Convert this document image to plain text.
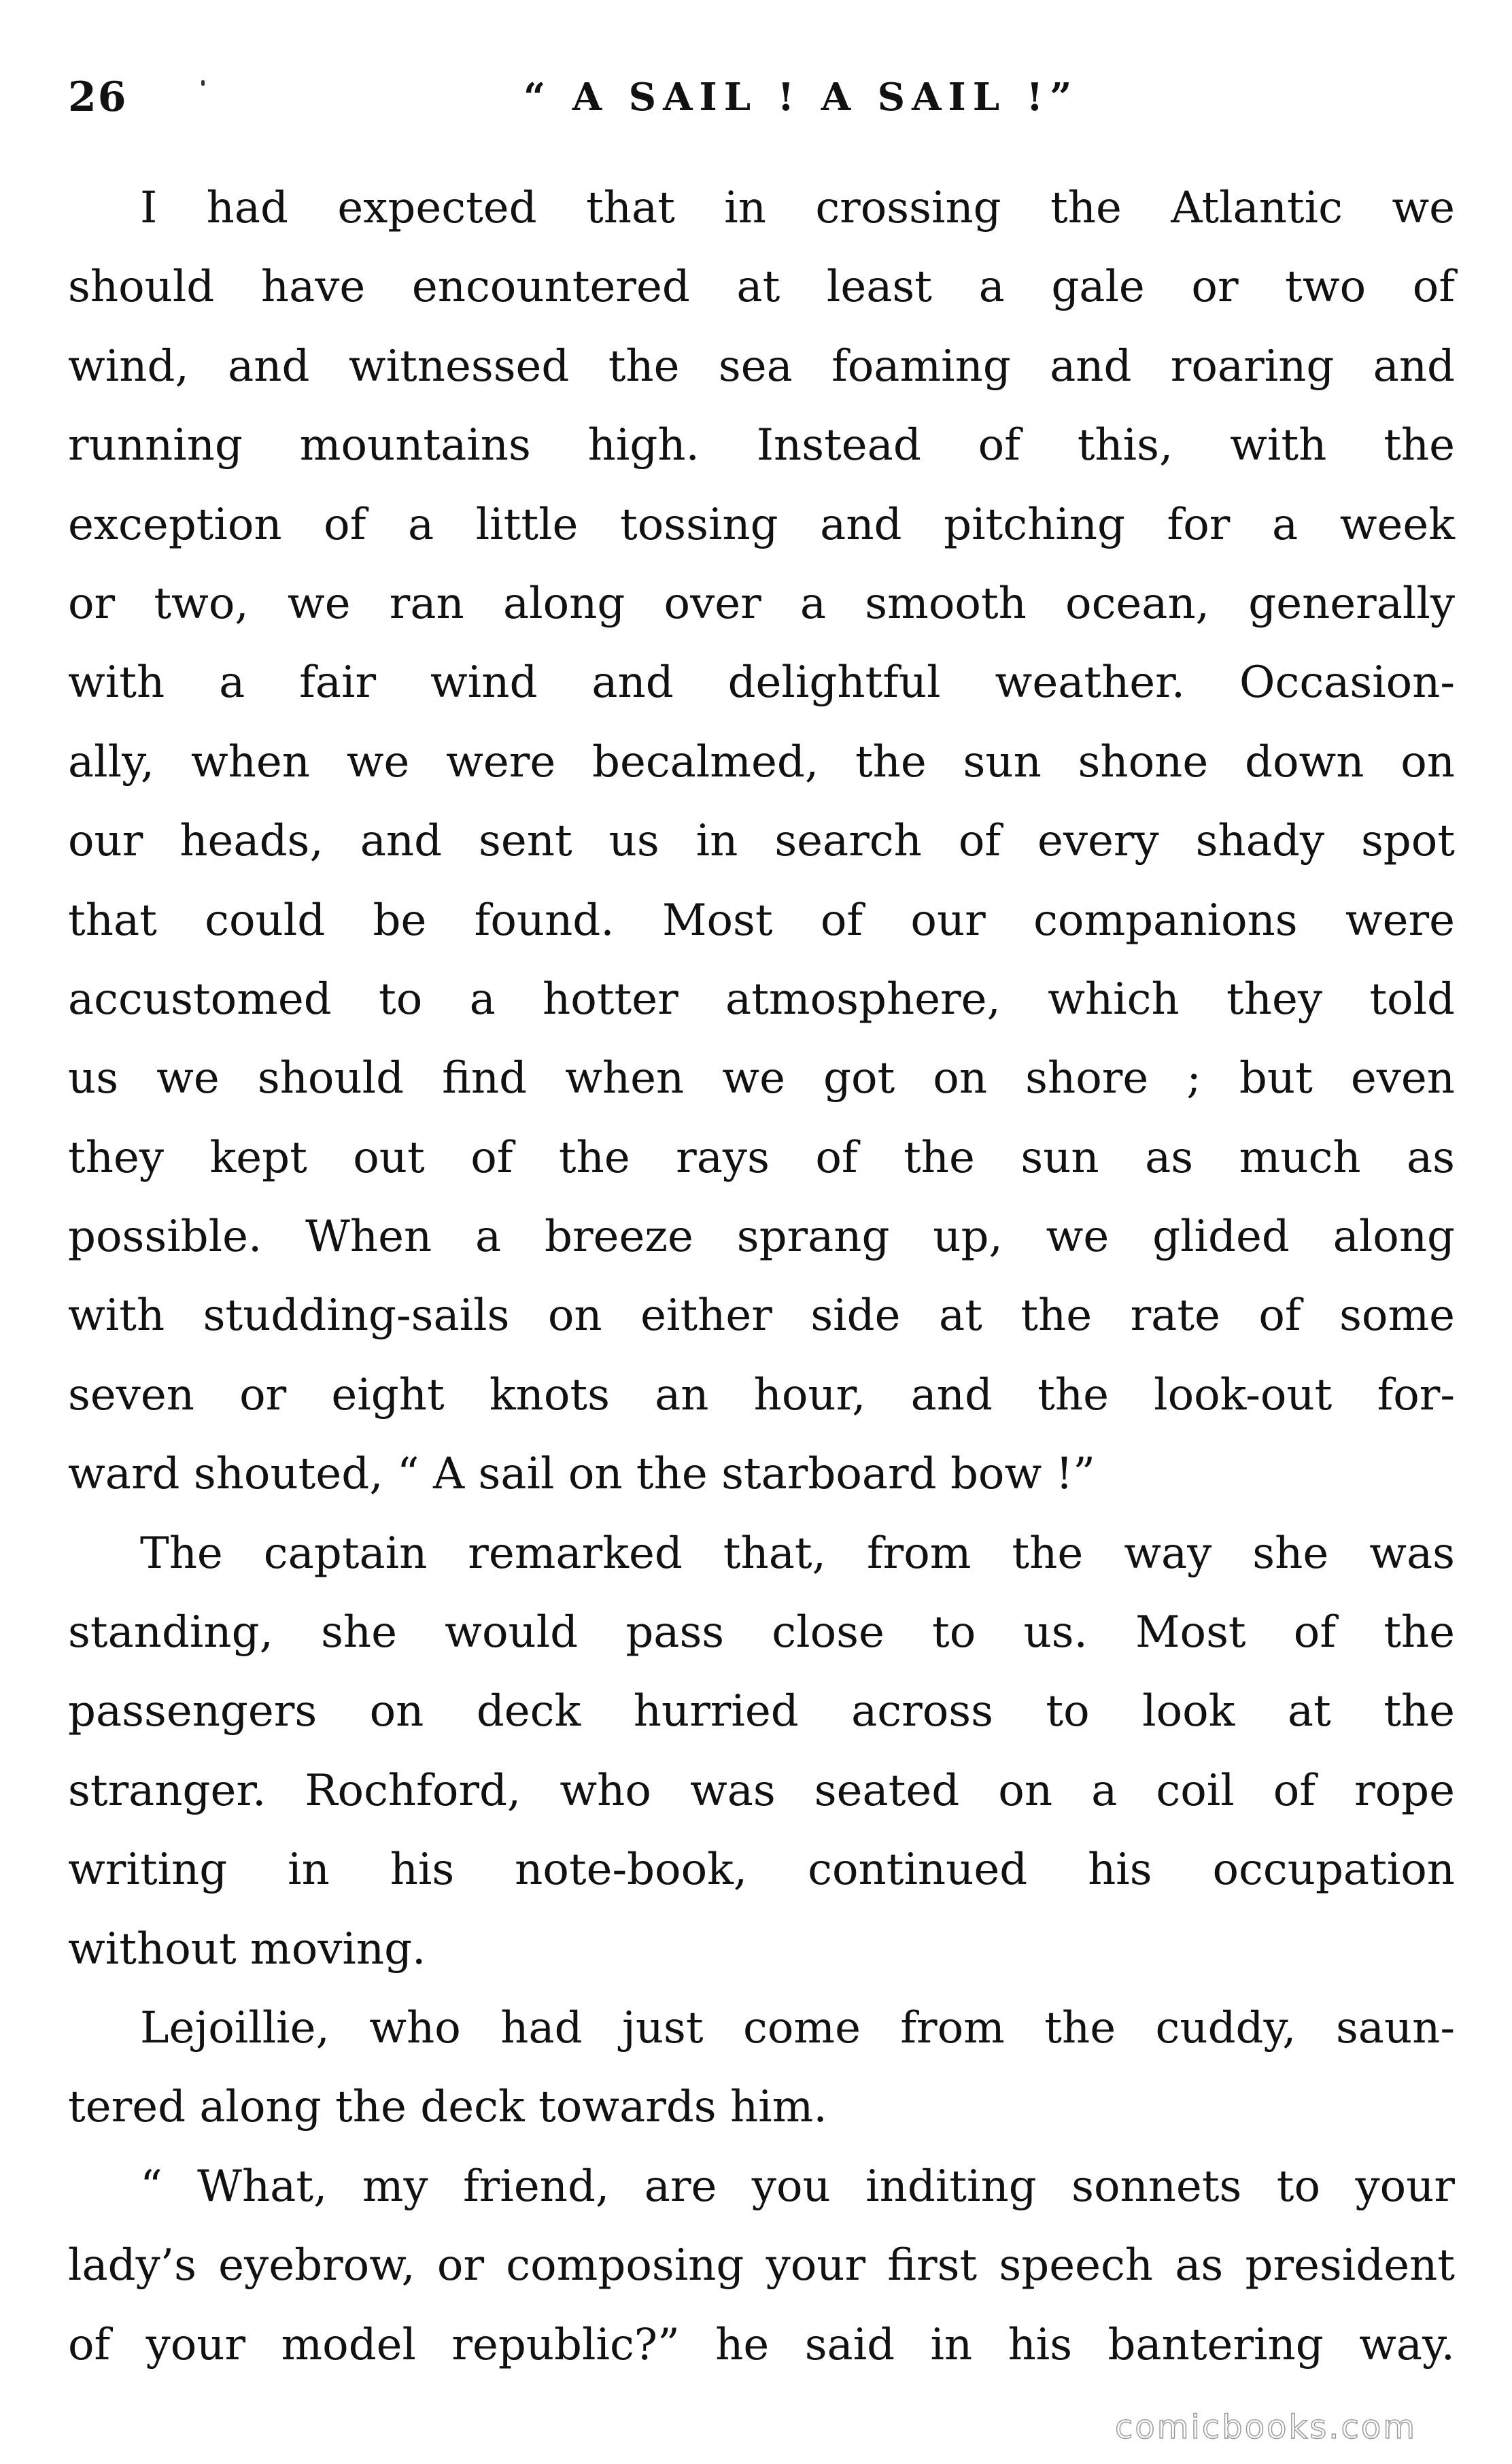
26	“ A SAIL ! A SAIL !”
I had expected that in crossing the Atlantic we
should have encountered at least a gale or two of
wind, and witnessed the sea foaming and roaring and
running mountains high. Instead of this, with the
exception of a little tossing and pitching for a week
or two, we ran along over a smooth ocean, generally
with a fair wind and delightful weather. Occasion-
ally, when we were becalmed, the sun shone down on
our heads, and sent us in search of every shady spot
that could be found. Most of our companions were
accustomed to a hotter atmosphere, which they told
us we should find when we got on shore ; but even
they kept out of the rays of the sun as much as
possible. When a breeze sprang up, we glided along
with studding-sails on either side at the rate of some
seven or eight knots an hour, and the look-out for-
ward shouted, “ A sail on the starboard bow !”
The captain remarked that, from the way she was
standing, she would pass close to us. Most of the
passengers on deck hurried across to look at the
stranger. Rochford, who was seated on a coil of rope
writing in his note-book, continued his occupation
without moving.
Lejoillie, who had just come from the cuddy, saun-
tered along the deck towards him.
“ What, my friend, are you inditing sonnets to your
lady’s eyebrow, or composing your first speech as president
of your model republic?” he said in his bantering way.
comicbooks.com
